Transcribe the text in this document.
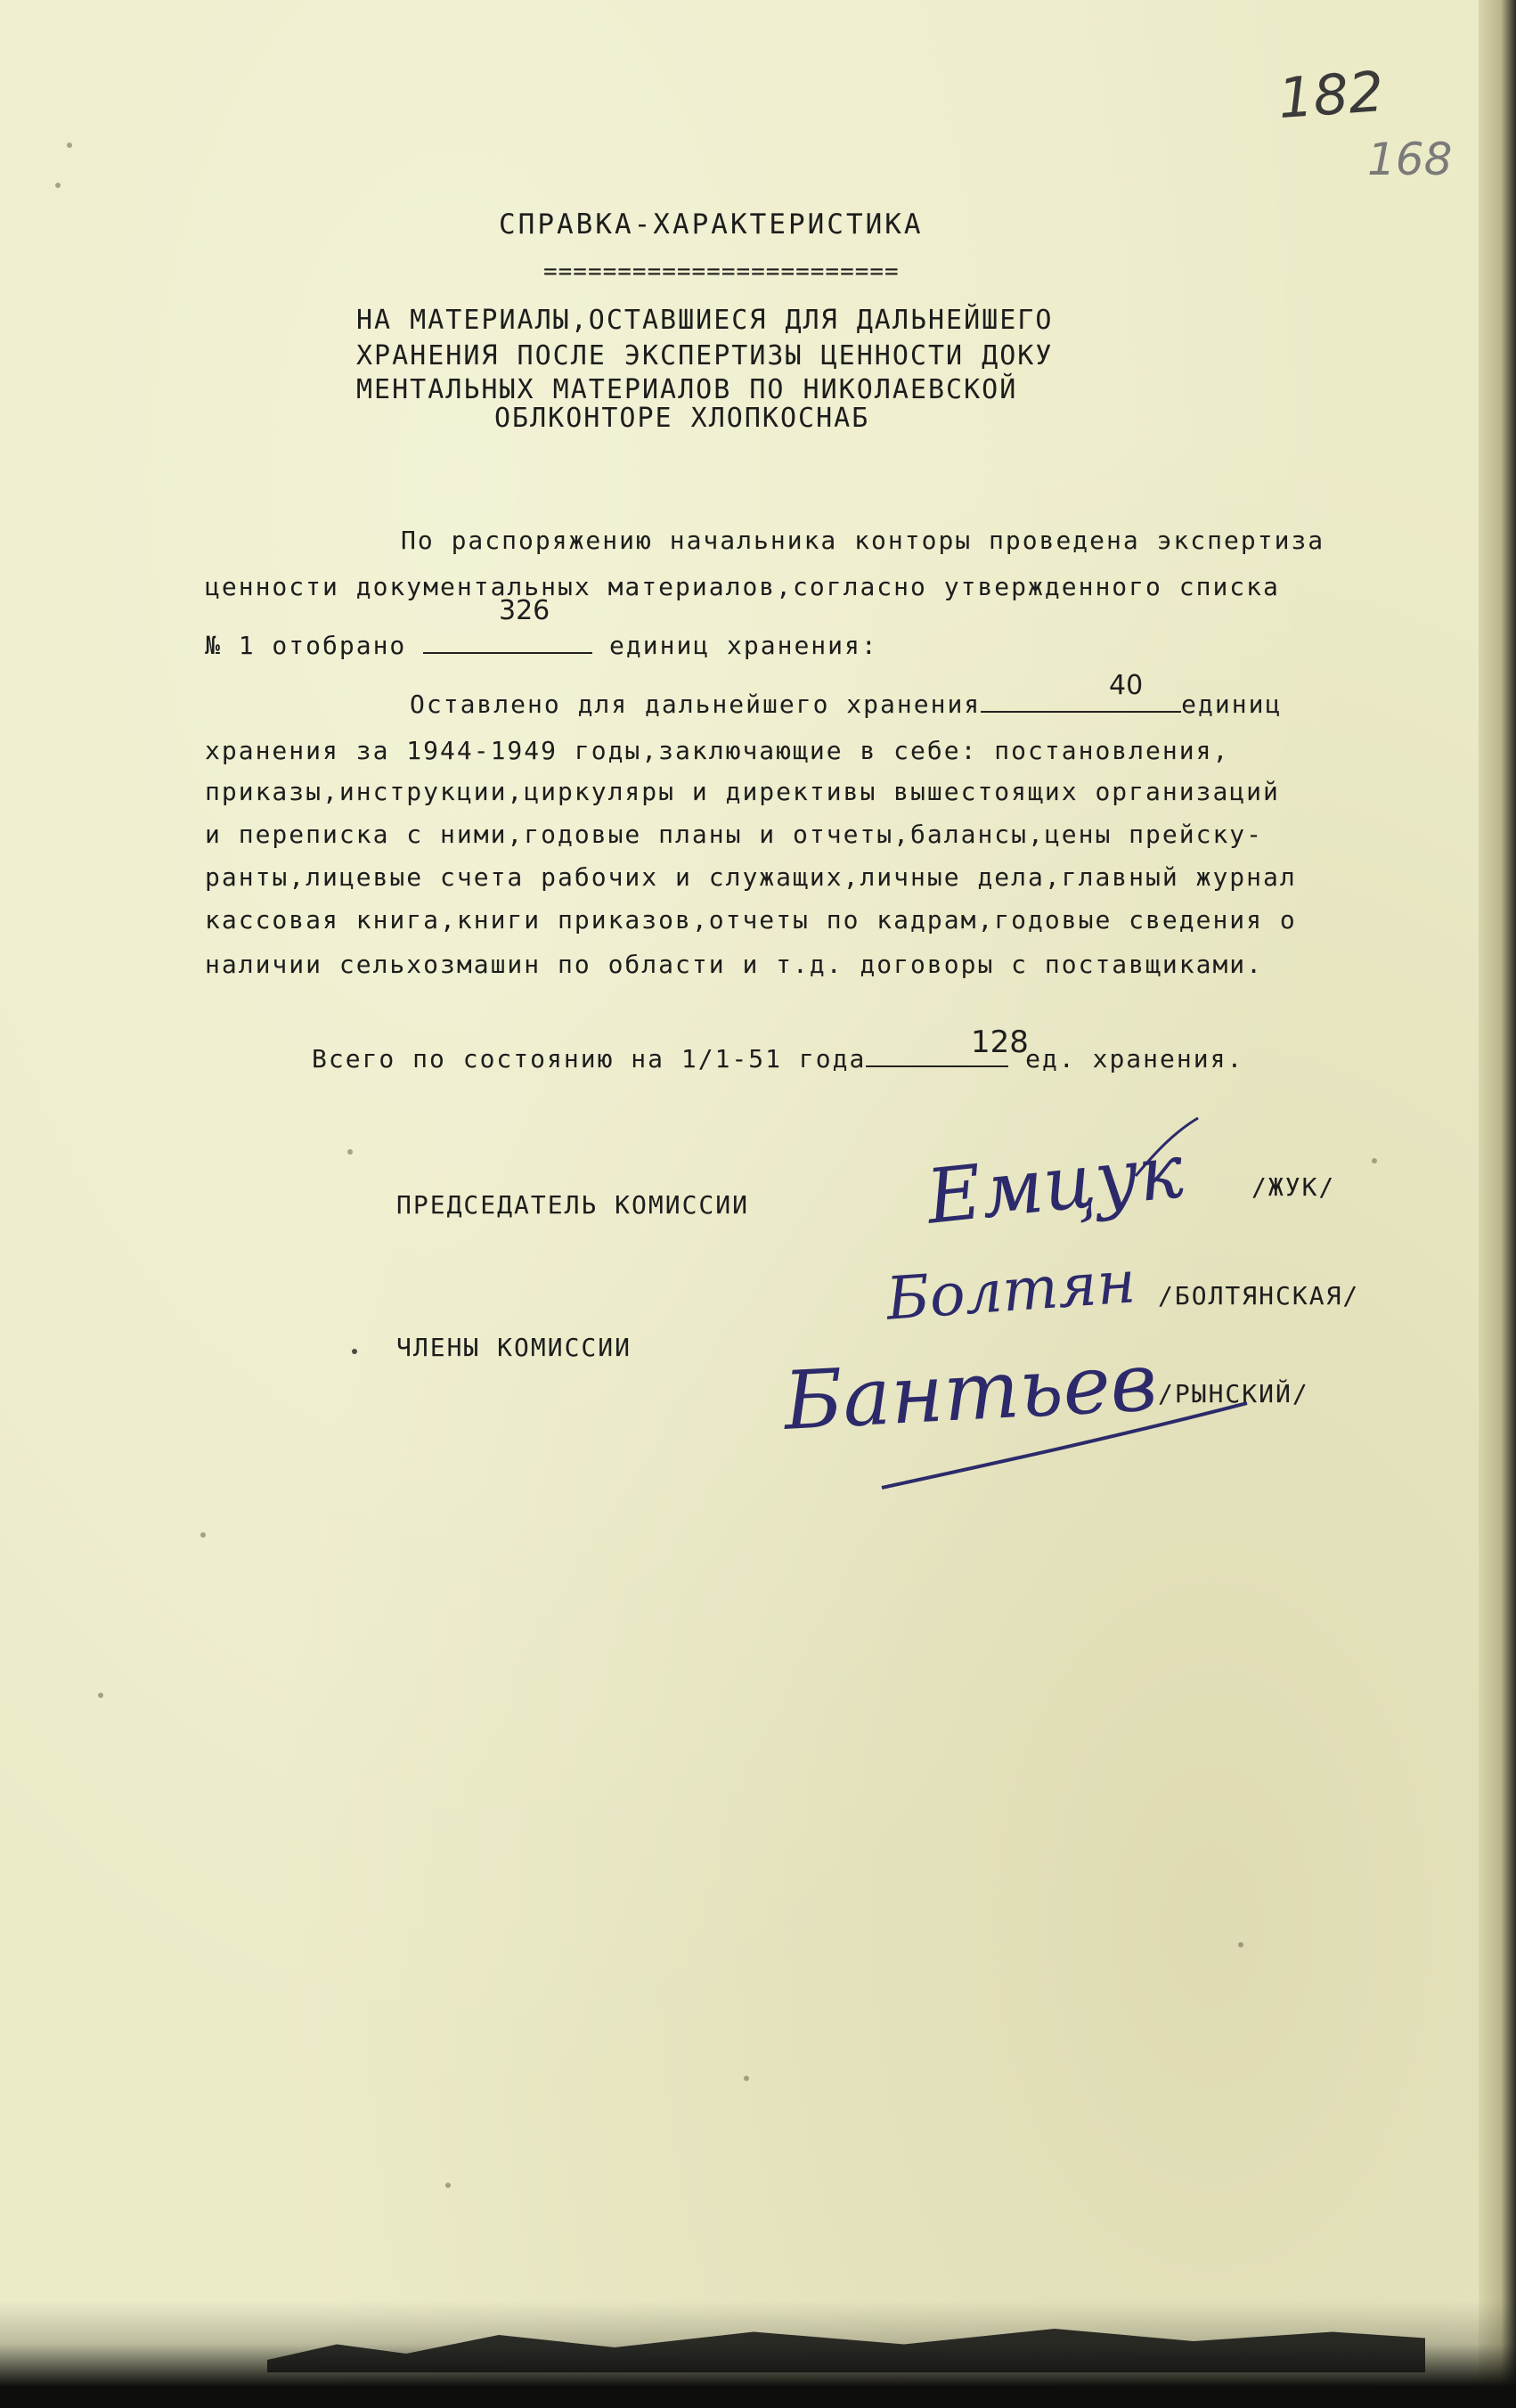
182
168
СПРАВКА-ХАРАКТЕРИСТИКА
========================
НА МАТЕРИАЛЫ,ОСТАВШИЕСЯ ДЛЯ ДАЛЬНЕЙШЕГО
ХРАНЕНИЯ ПОСЛЕ ЭКСПЕРТИЗЫ ЦЕННОСТИ ДОКУ
МЕНТАЛЬНЫХ МАТЕРИАЛОВ ПО НИКОЛАЕВСКОЙ
ОБЛКОНТОРЕ ХЛОПКОСНАБ
По распоряжению начальника конторы проведена экспертиза
ценности документальных материалов,согласно утвержденного списка
№ 1 отобрано	единиц хранения:
326
Оставлено для дальнейшего хранения	единиц
40
хранения за 1944-1949 годы,заключающие в себе: постановления,
приказы,инструкции,циркуляры и директивы вышестоящих организаций
и переписка с ними,годовые планы и отчеты,балансы,цены прейску-
ранты,лицевые счета рабочих и служащих,личные дела,главный журнал
кассовая книга,книги приказов,отчеты по кадрам,годовые сведения о
наличии сельхозмашин по области и т.д. договоры с поставщиками.
Всего по состоянию на 1/1-51 года	ед. хранения.
128
ПРЕДСЕДАТЕЛЬ КОМИССИИ
/ЖУК/
ЧЛЕНЫ КОМИССИИ
/БОЛТЯНСКАЯ/
/РЫНСКИЙ/
Емцук
Болтян
Бантьев
